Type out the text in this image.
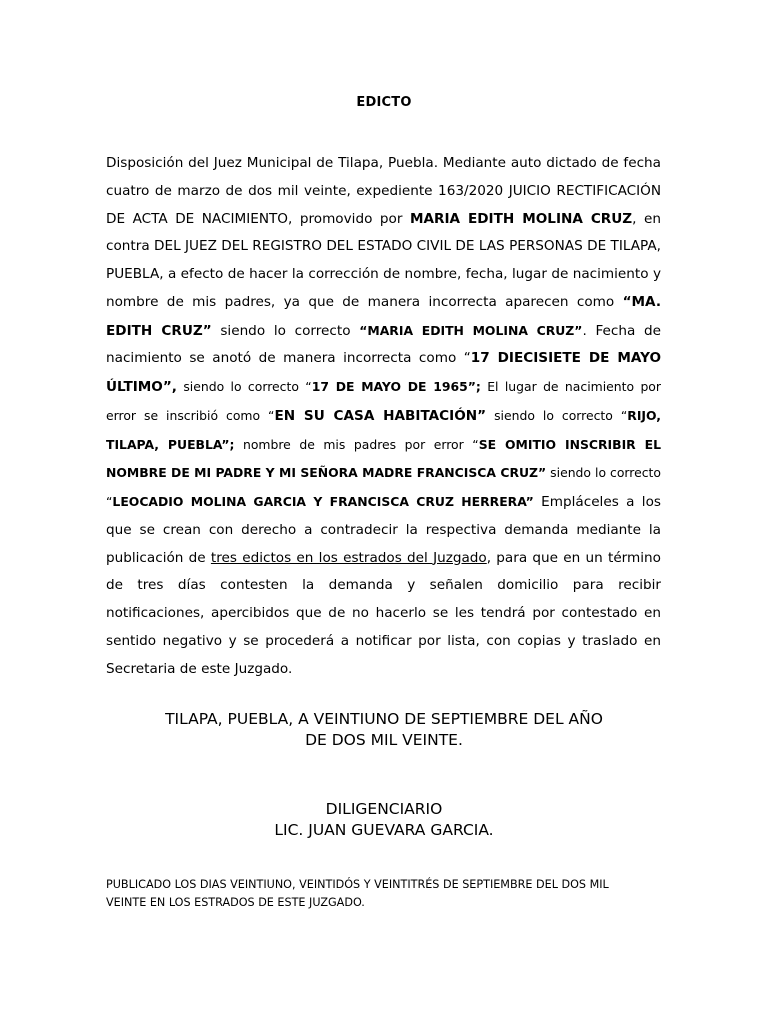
EDICTO
Disposición del Juez Municipal de Tilapa, Puebla. Mediante auto dictado de fecha cuatro de marzo de dos mil veinte, expediente 163/2020 JUICIO RECTIFICACIÓN DE ACTA DE NACIMIENTO, promovido por MARIA EDITH MOLINA CRUZ, en contra DEL JUEZ DEL REGISTRO DEL ESTADO CIVIL DE LAS PERSONAS DE TILAPA, PUEBLA, a efecto de hacer la corrección de nombre, fecha, lugar de nacimiento y nombre de mis padres, ya que de manera incorrecta aparecen como “MA. EDITH CRUZ” siendo lo correcto “MARIA EDITH MOLINA CRUZ”. Fecha de nacimiento se anotó de manera incorrecta como “17 DIECISIETE DE MAYO ÚLTIMO”, siendo lo correcto “17 DE MAYO DE 1965”; El lugar de nacimiento por error se inscribió como “EN SU CASA HABITACIÓN” siendo lo correcto “RIJO, TILAPA, PUEBLA”; nombre de mis padres por error “SE OMITIO INSCRIBIR EL NOMBRE DE MI PADRE Y MI SEÑORA MADRE FRANCISCA CRUZ” siendo lo correcto “LEOCADIO MOLINA GARCIA Y FRANCISCA CRUZ HERRERA” Empláceles a los que se crean con derecho a contradecir la respectiva demanda mediante la publicación de tres edictos en los estrados del Juzgado, para que en un término de tres días contesten la demanda y señalen domicilio para recibir notificaciones, apercibidos que de no hacerlo se les tendrá por contestado en sentido negativo y se procederá a notificar por lista, con copias y traslado en Secretaria de este Juzgado.
TILAPA, PUEBLA, A VEINTIUNO DE SEPTIEMBRE DEL AÑO
DE DOS MIL VEINTE.
DILIGENCIARIO
LIC. JUAN GUEVARA GARCIA.
PUBLICADO LOS DIAS VEINTIUNO, VEINTIDÓS Y VEINTITRÉS DE SEPTIEMBRE DEL DOS MIL
VEINTE EN LOS ESTRADOS DE ESTE JUZGADO.
